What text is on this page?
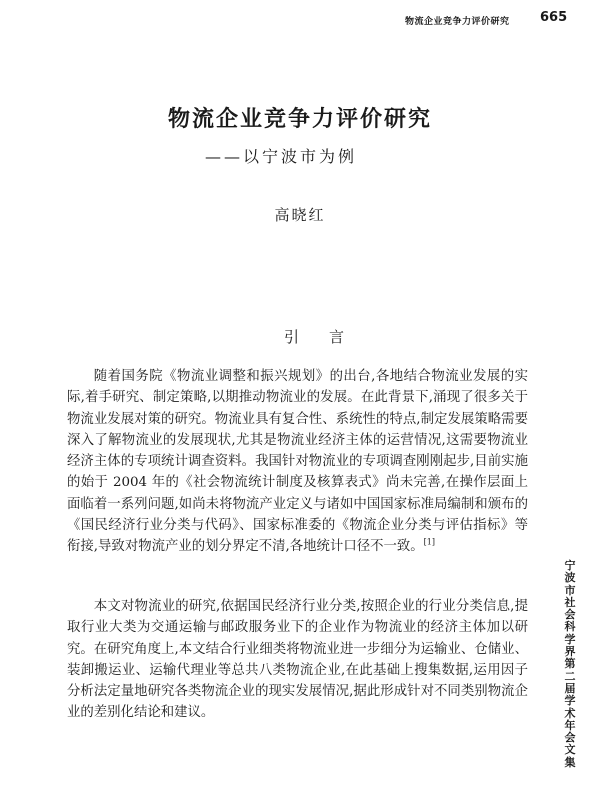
物流企业竞争力评价研究 665
物流企业竞争力评价研究
——以宁波市为例
高晓红
引言

随着国务院《物流业调整和振兴规划》的出台,各地结合物流业发展的实际,着手研究、制定策略,以期推动物流业的发展。在此背景下,涌现了很多关于物流业发展对策的研究。物流业具有复合性、系统性的特点,制定发展策略需要深入了解物流业的发展现状,尤其是物流业经济主体的运营情况,这需要物流业经济主体的专项统计调查资料。我国针对物流业的专项调查刚刚起步,目前实施的始于 2004 年的《社会物流统计制度及核算表式》尚未完善,在操作层面上面临着一系列问题,如尚未将物流产业定义与诸如中国国家标准局编制和颁布的《国民经济行业分类与代码》、国家标准委的《物流企业分类与评估指标》等衔接,导致对物流产业的划分界定不清,各地统计口径不一致。[1]

本文对物流业的研究,依据国民经济行业分类,按照企业的行业分类信息,提取行业大类为交通运输与邮政服务业下的企业作为物流业的经济主体加以研究。在研究角度上,本文结合行业细类将物流业进一步细分为运输业、仓储业、装卸搬运业、运输代理业等总共八类物流企业,在此基础上搜集数据,运用因子分析法定量地研究各类物流企业的现实发展情况,据此形成针对不同类别物流企业的差别化结论和建议。

宁波市社会科学界第二届学术年会文集
